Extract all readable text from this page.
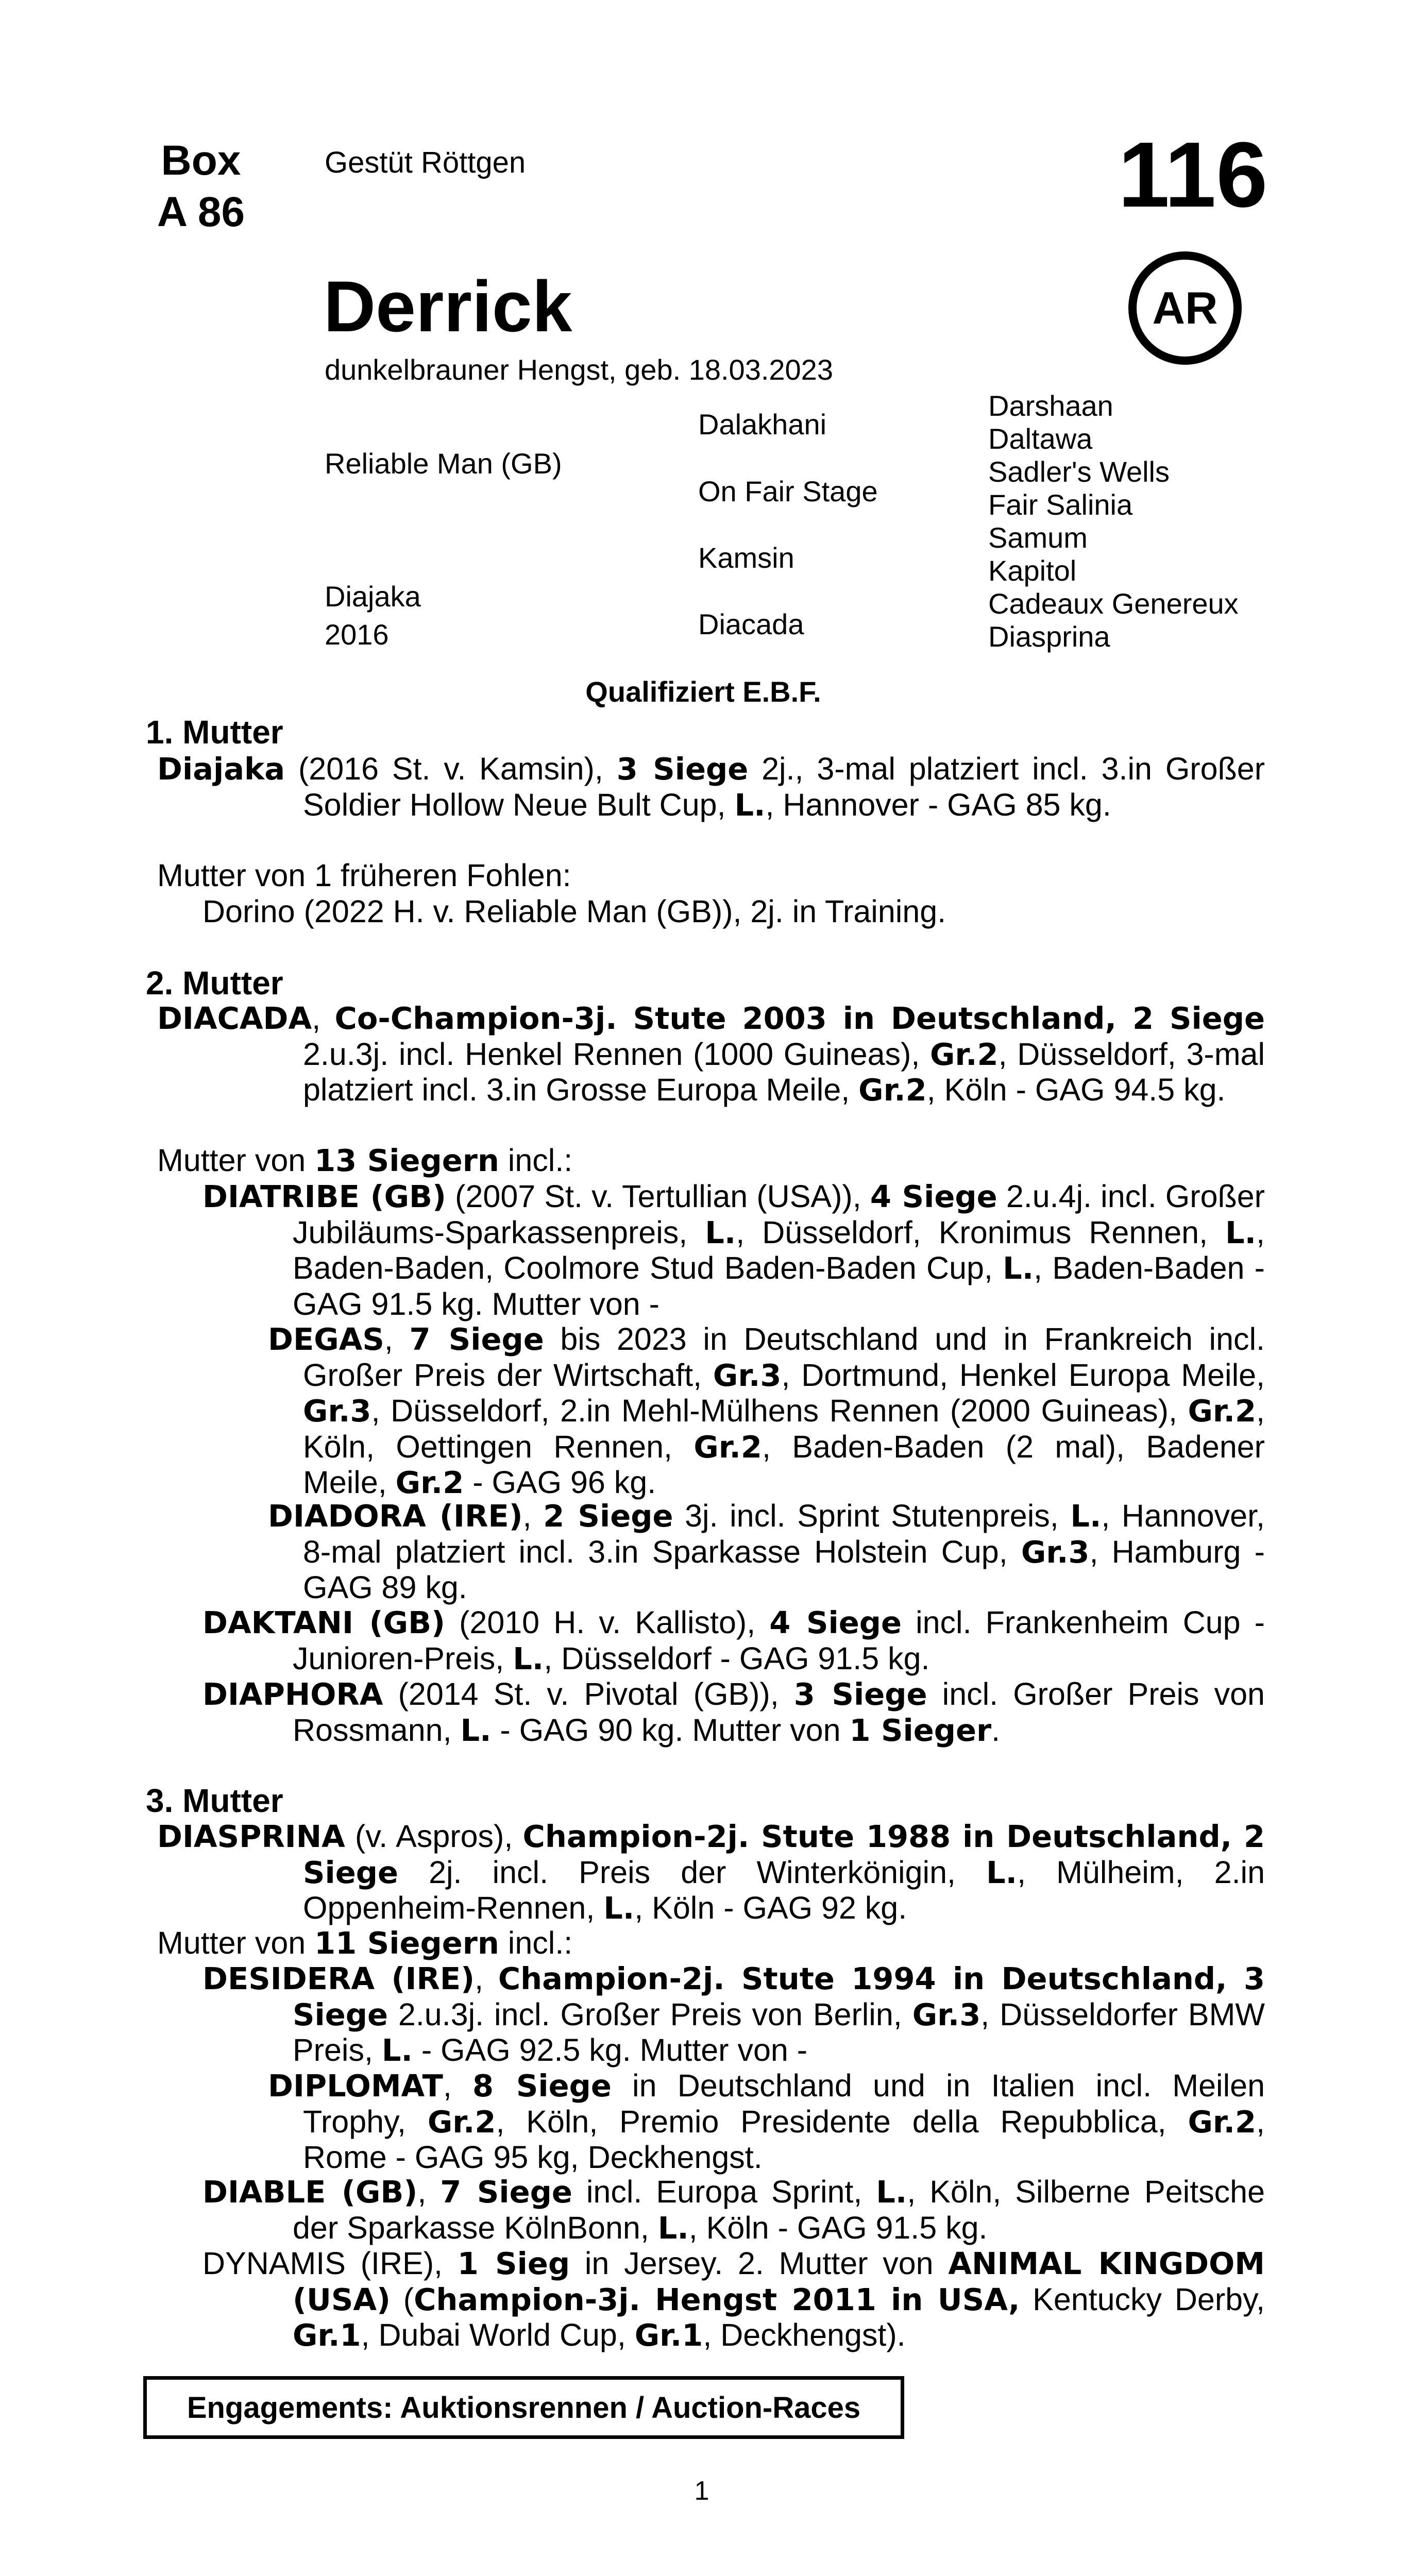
Box
A 86
Gestüt Röttgen	116
AR
Derrick
dunkelbrauner Hengst, geb. 18.03.2023
Reliable Man (GB)
Diajaka
2016
Dalakhani
On Fair Stage
Kamsin
Diacada
Darshaan
Daltawa
Sadler's Wells
Fair Salinia
Samum
Kapitol
Cadeaux Genereux
Diasprina
Qualifiziert E.B.F.
1. Mutter

Diajaka (2016 St. v. Kamsin), 3 Siege 2j., 3-mal platziert incl. 3.in Großer Soldier Hollow Neue Bult Cup, L., Hannover - GAG 85 kg.

Mutter von 1 früheren Fohlen:
Dorino (2022 H. v. Reliable Man (GB)), 2j. in Training.
2. Mutter

DIACADA, Co-Champion-3j. Stute 2003 in Deutschland, 2 Siege 2.u.3j. incl. Henkel Rennen (1000 Guineas), Gr.2, Düsseldorf, 3-mal platziert incl. 3.in Grosse Europa Meile, Gr.2, Köln - GAG 94.5 kg.

Mutter von 13 Siegern incl.:

DIATRIBE (GB) (2007 St. v. Tertullian (USA)), 4 Siege 2.u.4j. incl. Großer Jubiläums-Sparkassenpreis, L., Düsseldorf, Kronimus Rennen, L., Baden-Baden, Coolmore Stud Baden-Baden Cup, L., Baden-Baden - GAG 91.5 kg. Mutter von -

DEGAS, 7 Siege bis 2023 in Deutschland und in Frankreich incl. Großer Preis der Wirtschaft, Gr.3, Dortmund, Henkel Europa Meile, Gr.3, Düsseldorf, 2.in Mehl-Mülhens Rennen (2000 Guineas), Gr.2, Köln, Oettingen Rennen, Gr.2, Baden-Baden (2 mal), Badener Meile, Gr.2 - GAG 96 kg.

DIADORA (IRE), 2 Siege 3j. incl. Sprint Stutenpreis, L., Hannover, 8-mal platziert incl. 3.in Sparkasse Holstein Cup, Gr.3, Hamburg - GAG 89 kg.

DAKTANI (GB) (2010 H. v. Kallisto), 4 Siege incl. Frankenheim Cup - Junioren-Preis, L., Düsseldorf - GAG 91.5 kg.

DIAPHORA (2014 St. v. Pivotal (GB)), 3 Siege incl. Großer Preis von Rossmann, L. - GAG 90 kg. Mutter von 1 Sieger.

3. Mutter

DIASPRINA (v. Aspros), Champion-2j. Stute 1988 in Deutschland, 2 Siege 2j. incl. Preis der Winterkönigin, L., Mülheim, 2.in Oppenheim-Rennen, L., Köln - GAG 92 kg.

Mutter von 11 Siegern incl.:

DESIDERA (IRE), Champion-2j. Stute 1994 in Deutschland, 3 Siege 2.u.3j. incl. Großer Preis von Berlin, Gr.3, Düsseldorfer BMW Preis, L. - GAG 92.5 kg. Mutter von -

DIPLOMAT, 8 Siege in Deutschland und in Italien incl. Meilen Trophy, Gr.2, Köln, Premio Presidente della Repubblica, Gr.2, Rome - GAG 95 kg, Deckhengst.

DIABLE (GB), 7 Siege incl. Europa Sprint, L., Köln, Silberne Peitsche der Sparkasse KölnBonn, L., Köln - GAG 91.5 kg.

DYNAMIS (IRE), 1 Sieg in Jersey. 2. Mutter von ANIMAL KINGDOM (USA) (Champion-3j. Hengst 2011 in USA, Kentucky Derby, Gr.1, Dubai World Cup, Gr.1, Deckhengst).

Engagements: Auktionsrennen / Auction-Races
1
